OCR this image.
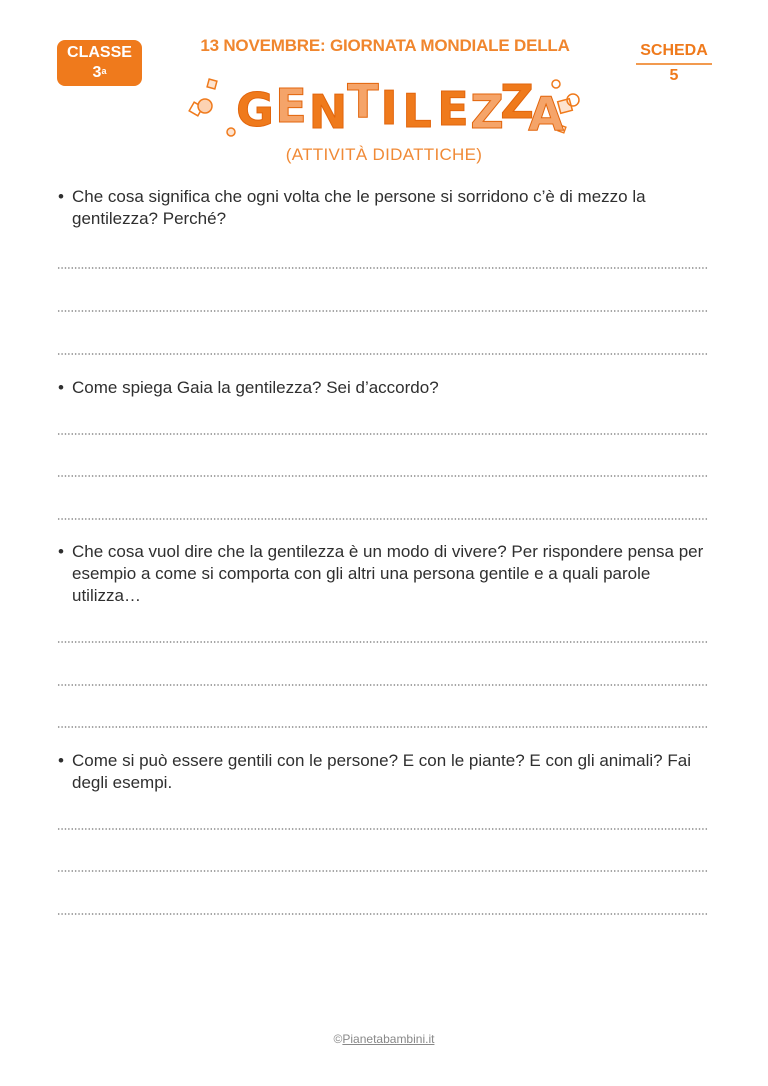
CLASSE
3$^a$
13 NOVEMBRE: GIORNATA MONDIALE DELLA
G E N T I L E Z
Z
A
SCHEDA
5
(ATTIVITÀ DIDATTICHE)
• Che cosa significa che ogni volta che le persone si sorridono c’è di mezzo la gentilezza? Perché?
• Come spiega Gaia la gentilezza? Sei d’accordo?
• Che cosa vuol dire che la gentilezza è un modo di vivere? Per rispondere pensa per esempio a come si comporta con gli altri una persona gentile e a quali parole utilizza…
• Come si può essere gentili con le persone? E con le piante? E con gli animali? Fai degli esempi.
©Pianetabambini.it
